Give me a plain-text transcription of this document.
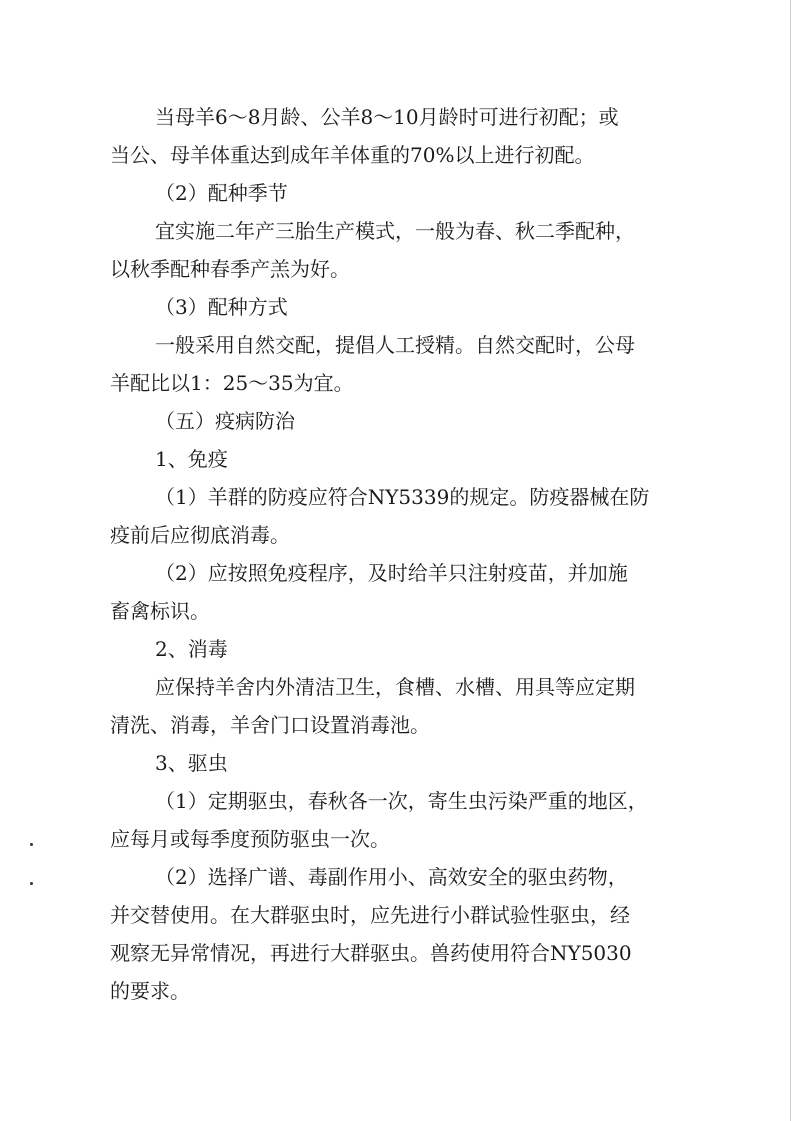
当母羊6～8月龄、公羊8～10月龄时可进行初配；或
当公、母羊体重达到成年羊体重的70%以上进行初配。
（2）配种季节
宜实施二年产三胎生产模式，一般为春、秋二季配种，
以秋季配种春季产羔为好。
（3）配种方式
一般采用自然交配，提倡人工授精。自然交配时，公母
羊配比以1：25～35为宜。
（五）疫病防治
1、免疫
（1）羊群的防疫应符合NY5339的规定。防疫器械在防
疫前后应彻底消毒。
（2）应按照免疫程序，及时给羊只注射疫苗，并加施
畜禽标识。
2、消毒
应保持羊舍内外清洁卫生，食槽、水槽、用具等应定期
清洗、消毒，羊舍门口设置消毒池。
3、驱虫
（1）定期驱虫，春秋各一次，寄生虫污染严重的地区，
应每月或每季度预防驱虫一次。
（2）选择广谱、毒副作用小、高效安全的驱虫药物，
并交替使用。在大群驱虫时，应先进行小群试验性驱虫，经
观察无异常情况，再进行大群驱虫。兽药使用符合NY5030
的要求。
